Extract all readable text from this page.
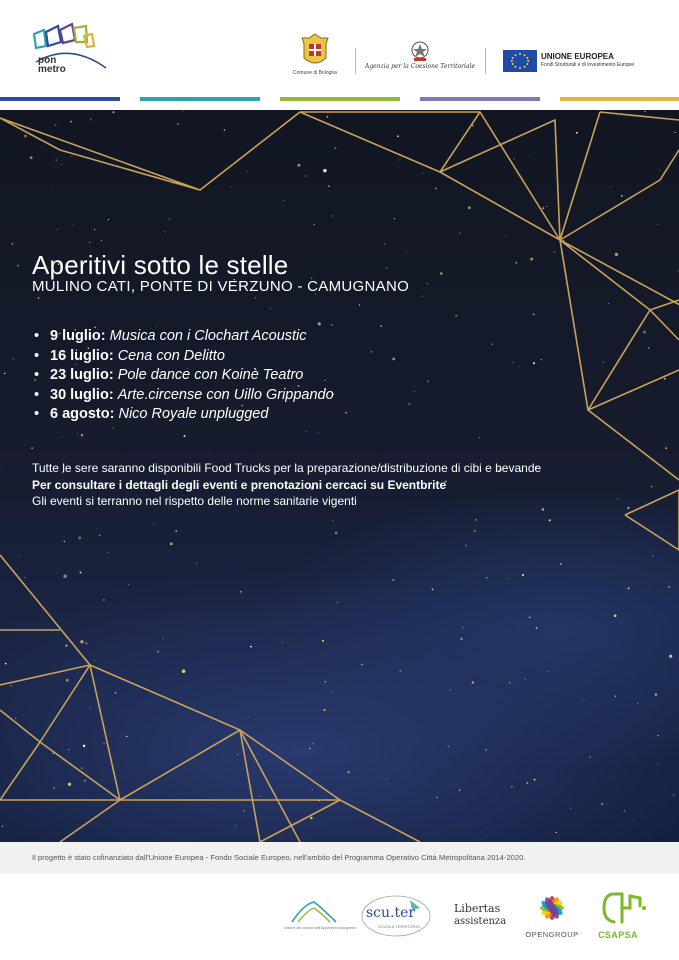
pon
metro	Comune di Bologna
Agenzia per la Coesione Territoriale
UNIONE EUROPEA
Fondi Strutturali e di Investimento Europei
Aperitivi sotto le stelle
MULINO CATI, PONTE DI VERZUNO - CAMUGNANO
• 9 luglio: Musica con i Clochart Acoustic
• 16 luglio: Cena con Delitto
• 23 luglio: Pole dance con Koinè Teatro
• 30 luglio: Arte circense con Uillo Grippando
• 6 agosto: Nico Royale unplugged
Tutte le sere saranno disponibili Food Trucks per la preparazione/distribuzione di cibi e bevande
Per consultare i dettagli degli eventi e prenotazioni cercaci su Eventbrite
Gli eventi si terranno nel rispetto delle norme sanitarie vigenti
Il progetto è stato cofinanziato dall'Unione Europea - Fondo Sociale Europeo, nell'ambito del Programma Operativo Città Metropolitana 2014-2020.
Unione dei comuni dell'Appennino bolognese
scu.ter
SCUOLA TERRITORIO
Libertas
assistenza
OPENGROUP	CSAPSA
